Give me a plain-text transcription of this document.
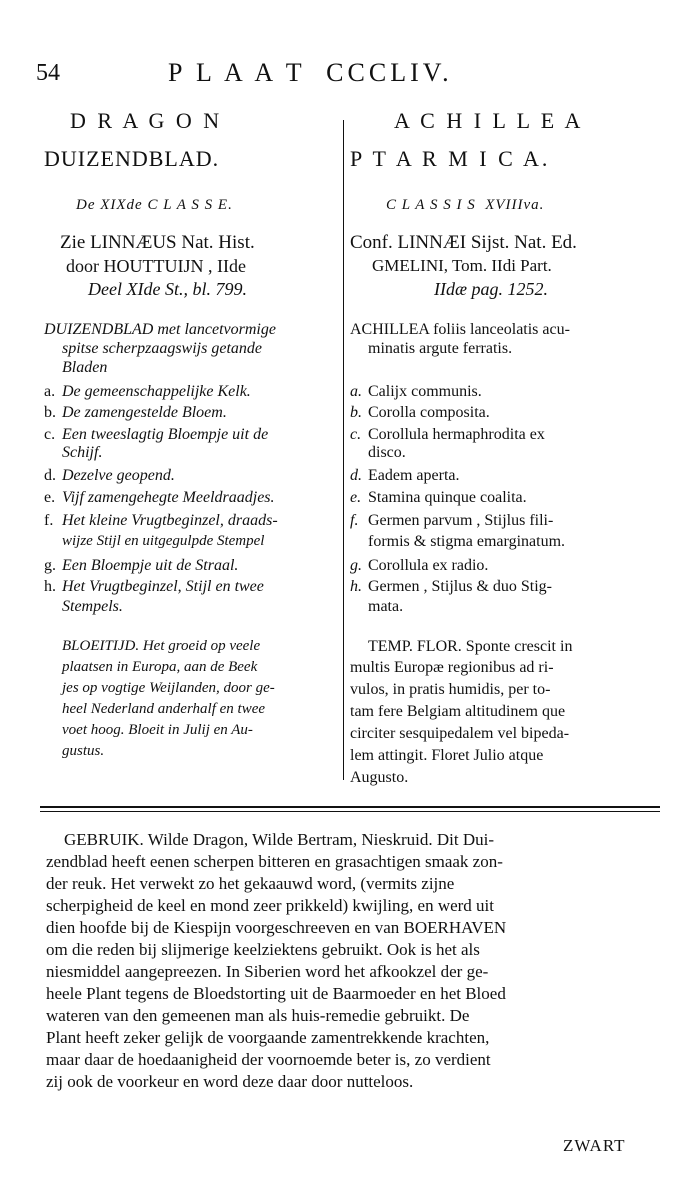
54	P L A A T  CCCLIV.
D R A G O N
DUIZENDBLAD.
De XIXde C L A S S E.
Zie LINNÆUS Nat. Hist.
door HOUTTUIJN , IIde
Deel XIde St., bl. 799.
DUIZENDBLAD met lancetvormige
spitse scherpzaagswijs getande
Bladen
a. De gemeenschappelijke Kelk.
b. De zamengestelde Bloem.
c. Een tweeslagtig Bloempje uit de
Schijf.
d. Dezelve geopend.
e. Vijf zamengehegte Meeldraadjes.
f. Het kleine Vrugtbeginzel, draads-
wijze Stijl en uitgegulpde Stempel
g. Een Bloempje uit de Straal.
h. Het Vrugtbeginzel, Stijl en twee
Stempels.
BLOEITIJD. Het groeid op veele
plaatsen in Europa, aan de Beek
jes op vogtige Weijlanden, door ge-
heel Nederland anderhalf en twee
voet hoog. Bloeit in Julij en Au-
gustus.
A C H I L L E A
P T A R M I C A.
C L A S S I S  XVIIIva.
Conf. LINNÆI Sijst. Nat. Ed.
GMELINI, Tom. IIdi Part.
IIdæ pag. 1252.
ACHILLEA foliis lanceolatis acu-
minatis argute ferratis.
a. Calijx communis.
b. Corolla composita.
c. Corollula hermaphrodita ex
disco.
d. Eadem aperta.
e. Stamina quinque coalita.
f. Germen parvum , Stijlus fili-
formis & stigma emarginatum.
g. Corollula ex radio.
h. Germen , Stijlus & duo Stig-
mata.
TEMP. FLOR. Sponte crescit in
multis Europæ regionibus ad ri-
vulos, in pratis humidis, per to-
tam fere Belgiam altitudinem que
circiter sesquipedalem vel bipeda-
lem attingit. Floret Julio atque
Augusto.
GEBRUIK. Wilde Dragon, Wilde Bertram, Nieskruid. Dit Dui-
zendblad heeft eenen scherpen bitteren en grasachtigen smaak zon-
der reuk. Het verwekt zo het gekaauwd word, (vermits zijne
scherpigheid de keel en mond zeer prikkeld) kwijling, en werd uit
dien hoofde bij de Kiespijn voorgeschreeven en van BOERHAVEN
om die reden bij slijmerige keelziektens gebruikt. Ook is het als
niesmiddel aangepreezen. In Siberien word het afkookzel der ge-
heele Plant tegens de Bloedstorting uit de Baarmoeder en het Bloed
wateren van den gemeenen man als huis-remedie gebruikt. De
Plant heeft zeker gelijk de voorgaande zamentrekkende krachten,
maar daar de hoedaanigheid der voornoemde beter is, zo verdient
zij ook de voorkeur en word deze daar door nutteloos.
ZWART
